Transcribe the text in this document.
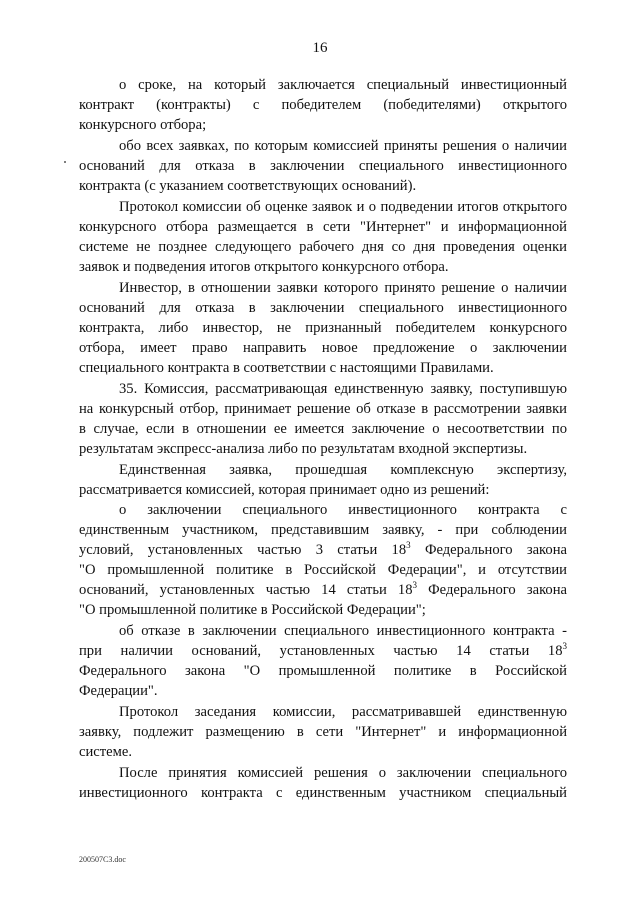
16
о сроке, на который заключается специальный инвестиционный
контракт (контракты) с победителем (победителями) открытого
конкурсного отбора;
обо всех заявках, по которым комиссией приняты решения о наличии
оснований для отказа в заключении специального инвестиционного
контракта (с указанием соответствующих оснований).
Протокол комиссии об оценке заявок и о подведении итогов открытого
конкурсного отбора размещается в сети "Интернет" и информационной
системе не позднее следующего рабочего дня со дня проведения оценки
заявок и подведения итогов открытого конкурсного отбора.
Инвестор, в отношении заявки которого принято решение о наличии
оснований для отказа в заключении специального инвестиционного
контракта, либо инвестор, не признанный победителем конкурсного
отбора, имеет право направить новое предложение о заключении
специального контракта в соответствии с настоящими Правилами.
35. Комиссия, рассматривающая единственную заявку, поступившую
на конкурсный отбор, принимает решение об отказе в рассмотрении заявки
в случае, если в отношении ее имеется заключение о несоответствии по
результатам экспресс-анализа либо по результатам входной экспертизы.
Единственная заявка, прошедшая комплексную экспертизу,
рассматривается комиссией, которая принимает одно из решений:
о заключении специального инвестиционного контракта с
единственным участником, представившим заявку, - при соблюдении
условий, установленных частью 3 статьи $18^3$ Федерального закона
"О промышленной политике в Российской Федерации", и отсутствии
оснований, установленных частью 14 статьи $18^3$ Федерального закона
"О промышленной политике в Российской Федерации";
об отказе в заключении специального инвестиционного контракта -
при наличии оснований, установленных частью 14 статьи $18^3$
Федерального закона "О промышленной политике в Российской
Федерации".
Протокол заседания комиссии, рассматривавшей единственную
заявку, подлежит размещению в сети "Интернет" и информационной
системе.
После принятия комиссией решения о заключении специального
инвестиционного контракта с единственным участником специальный
200507C3.doc
